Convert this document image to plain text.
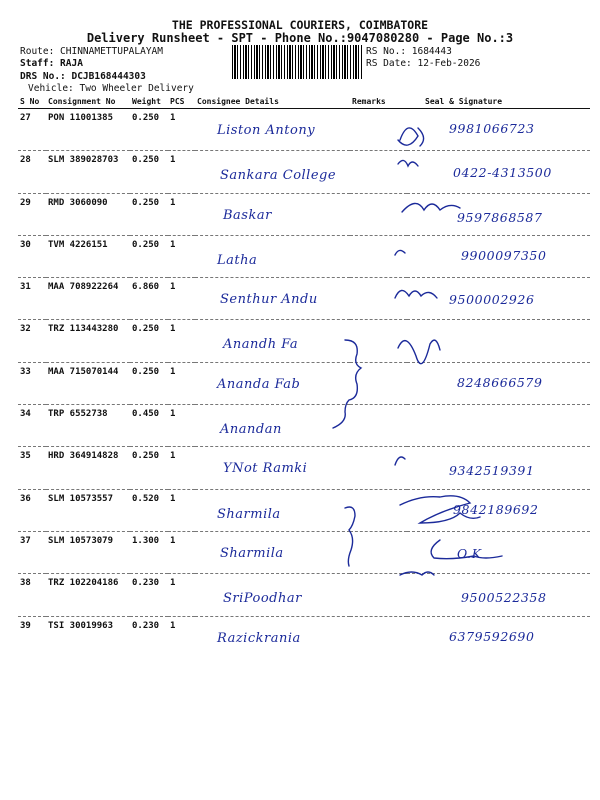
THE PROFESSIONAL COURIERS, COIMBATORE
Delivery Runsheet - SPT - Phone No.:9047080280 - Page No.:3
Route: CHINNAMETTUPALAYAM
Staff: RAJA
DRS No.: DCJB168444303
Vehicle: Two Wheeler Delivery
RS No.: 1684443
RS Date: 12-Feb-2026
S No	Consignment No	Weight	PCS	Consignee Details	Remarks	Seal & Signature
27	PON 11001385	0.250	1	Liston Antony		9981066723

28	SLM 389028703	0.250	1	Sankara College		0422-4313500

29	RMD 3060090	0.250	1	Baskar		9597868587

30	TVM 4226151	0.250	1	Latha		9900097350

31	MAA 708922264	6.860	1	Senthur Andu		9500002926

32	TRZ 113443280	0.250	1	Anandh Fa		

33	MAA 715070144	0.250	1	Ananda Fab		8248666579

34	TRP 6552738	0.450	1	Anandan		

35	HRD 364914828	0.250	1	YNot Ramki		9342519391

36	SLM 10573557	0.520	1	Sharmila		9842189692

37	SLM 10573079	1.300	1	Sharmila		O.K

38	TRZ 102204186	0.230	1	SriPoodhar		9500522358

39	TSI 30019963	0.230	1	Razickrania		6379592690
